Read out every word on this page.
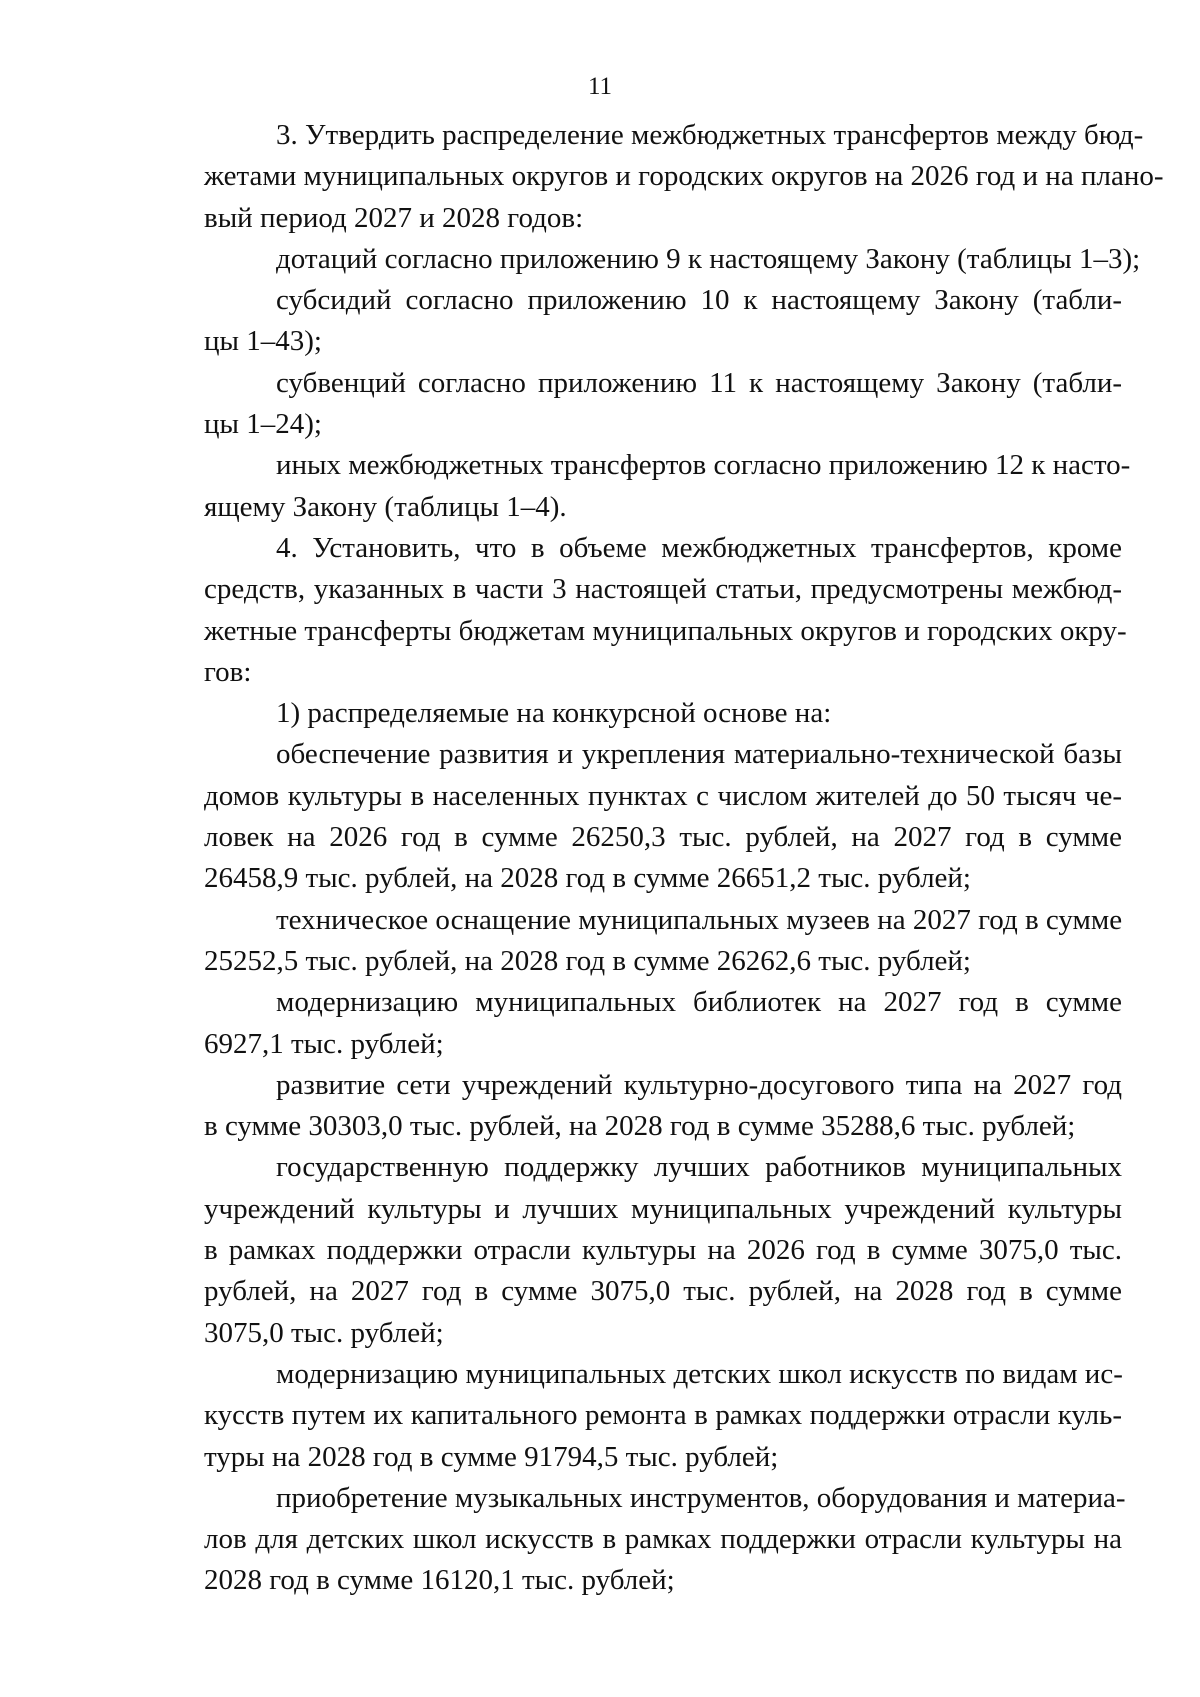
11
3. Утвердить распределение межбюджетных трансфертов между бюд-
жетами муниципальных округов и городских округов на 2026 год и на плано-
вый период 2027 и 2028 годов:
дотаций согласно приложению 9 к настоящему Закону (таблицы 1–3);
субсидий согласно приложению 10 к настоящему Закону (табли-
цы 1–43);
субвенций согласно приложению 11 к настоящему Закону (табли-
цы 1–24);
иных межбюджетных трансфертов согласно приложению 12 к насто-
ящему Закону (таблицы 1–4).
4. Установить, что в объеме межбюджетных трансфертов, кроме
средств, указанных в части 3 настоящей статьи, предусмотрены межбюд-
жетные трансферты бюджетам муниципальных округов и городских окру-
гов:
1) распределяемые на конкурсной основе на:
обеспечение развития и укрепления материально-технической базы
домов культуры в населенных пунктах с числом жителей до 50 тысяч че-
ловек на 2026 год в сумме 26250,3 тыс. рублей, на 2027 год в сумме
26458,9 тыс. рублей, на 2028 год в сумме 26651,2 тыс. рублей;
техническое оснащение муниципальных музеев на 2027 год в сумме
25252,5 тыс. рублей, на 2028 год в сумме 26262,6 тыс. рублей;
модернизацию муниципальных библиотек на 2027 год в сумме
6927,1 тыс. рублей;
развитие сети учреждений культурно-досугового типа на 2027 год
в сумме 30303,0 тыс. рублей, на 2028 год в сумме 35288,6 тыс. рублей;
государственную поддержку лучших работников муниципальных
учреждений культуры и лучших муниципальных учреждений культуры
в рамках поддержки отрасли культуры на 2026 год в сумме 3075,0 тыс.
рублей, на 2027 год в сумме 3075,0 тыс. рублей, на 2028 год в сумме
3075,0 тыс. рублей;
модернизацию муниципальных детских школ искусств по видам ис-
кусств путем их капитального ремонта в рамках поддержки отрасли куль-
туры на 2028 год в сумме 91794,5 тыс. рублей;
приобретение музыкальных инструментов, оборудования и материа-
лов для детских школ искусств в рамках поддержки отрасли культуры на
2028 год в сумме 16120,1 тыс. рублей;
